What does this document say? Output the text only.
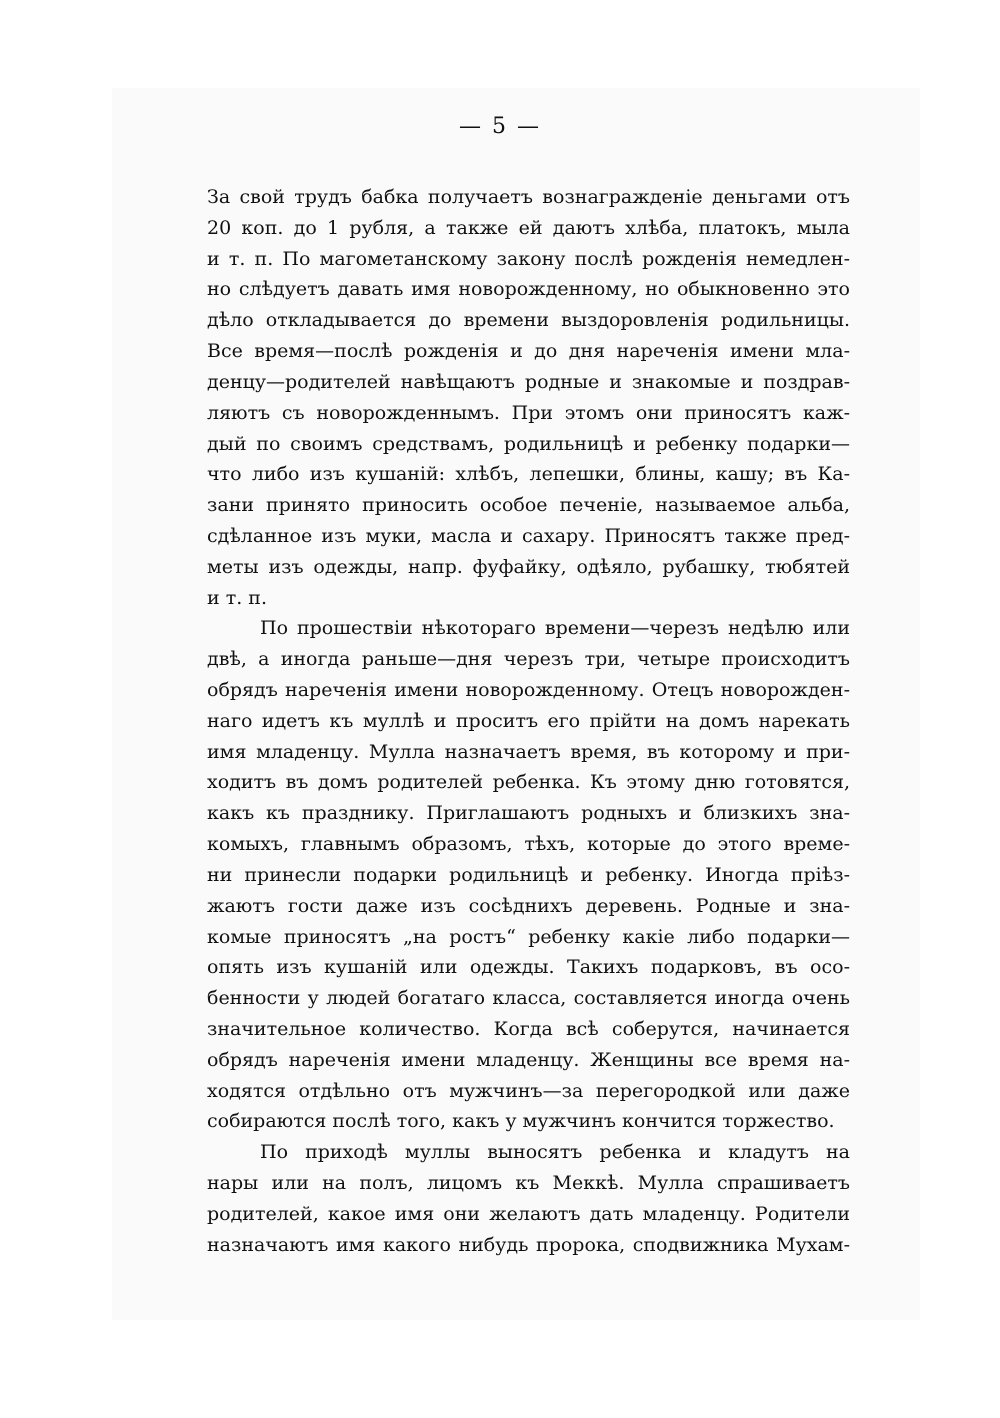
— 5 —
За свой трудъ бабка получаетъ вознагражденіе деньгами отъ
20 коп. до 1 рубля, а также ей даютъ хлѣба, платокъ, мыла
и т. п. По магометанскому закону послѣ рожденія немедлен-
но слѣдуетъ давать имя новорожденному, но обыкновенно это
дѣло откладывается до времени выздоровленія родильницы.
Все время—послѣ рожденія и до дня нареченія имени мла-
денцу—родителей навѣщаютъ родные и знакомые и поздрав-
ляютъ съ новорожденнымъ. При этомъ они приносятъ каж-
дый по своимъ средствамъ, родильницѣ и ребенку подарки—
что либо изъ кушаній: хлѣбъ, лепешки, блины, кашу; въ Ка-
зани принято приносить особое печеніе, называемое альба,
сдѣланное изъ муки, масла и сахару. Приносятъ также пред-
меты изъ одежды, напр. фуфайку, одѣяло, рубашку, тюбятей
и т. п.
По прошествіи нѣкотораго времени—черезъ недѣлю или
двѣ, а иногда раньше—дня черезъ три, четыре происходитъ
обрядъ нареченія имени новорожденному. Отецъ новорожден-
наго идетъ къ муллѣ и проситъ его прійти на домъ нарекать
имя младенцу. Мулла назначаетъ время, въ которому и при-
ходитъ въ домъ родителей ребенка. Къ этому дню готовятся,
какъ къ празднику. Приглашаютъ родныхъ и близкихъ зна-
комыхъ, главнымъ образомъ, тѣхъ, которые до этого време-
ни принесли подарки родильницѣ и ребенку. Иногда пріѣз-
жаютъ гости даже изъ сосѣднихъ деревень. Родные и зна-
комые приносятъ „на ростъ“ ребенку какіе либо подарки—
опять изъ кушаній или одежды. Такихъ подарковъ, въ осо-
бенности у людей богатаго класса, составляется иногда очень
значительное количество. Когда всѣ соберутся, начинается
обрядъ нареченія имени младенцу. Женщины все время на-
ходятся отдѣльно отъ мужчинъ—за перегородкой или даже
собираются послѣ того, какъ у мужчинъ кончится торжество.
По приходѣ муллы выносятъ ребенка и кладутъ на
нары или на полъ, лицомъ къ Меккѣ. Мулла спрашиваетъ
родителей, какое имя они желаютъ дать младенцу. Родители
назначаютъ имя какого нибудь пророка, сподвижника Мухам-
